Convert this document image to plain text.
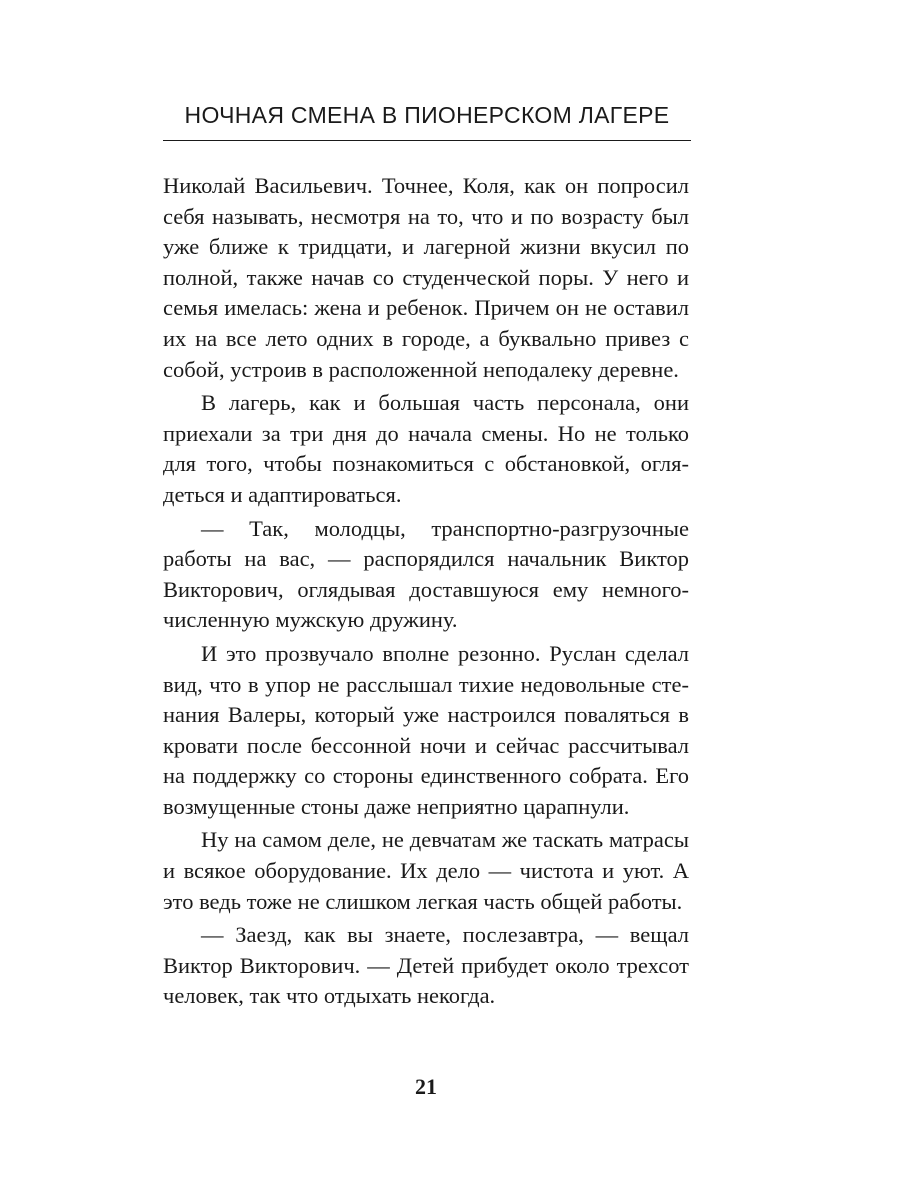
НОЧНАЯ СМЕНА В ПИОНЕРСКОМ ЛАГЕРЕ

Николай Васильевич. Точнее, Коля, как он попросил себя называть, несмотря на то, что и по возрасту был уже ближе к тридцати, и лагерной жизни вкусил по полной, также начав со студенческой поры. У него и семья имелась: жена и ребенок. Причем он не оставил их на все лето одних в городе, а буквально привез с собой, устроив в расположенной неподалеку деревне.

В лагерь, как и большая часть персонала, они приехали за три дня до начала смены. Но не только для того, чтобы познакомиться с обстановкой, оглядеться и адаптироваться.

— Так, молодцы, транспортно-разгрузочные работы на вас, — распорядился начальник Виктор Викторович, оглядывая доставшуюся ему немногочисленную мужскую дружину.

И это прозвучало вполне резонно. Руслан сделал вид, что в упор не расслышал тихие недовольные стенания Валеры, который уже настроился поваляться в кровати после бессонной ночи и сейчас рассчитывал на поддержку со стороны единственного собрата. Его возмущенные стоны даже неприятно царапнули.

Ну на самом деле, не девчатам же таскать матрасы и всякое оборудование. Их дело — чистота и уют. А это ведь тоже не слишком легкая часть общей работы.

— Заезд, как вы знаете, послезавтра, — вещал Виктор Викторович. — Детей прибудет около трехсот человек, так что отдыхать некогда.

21
